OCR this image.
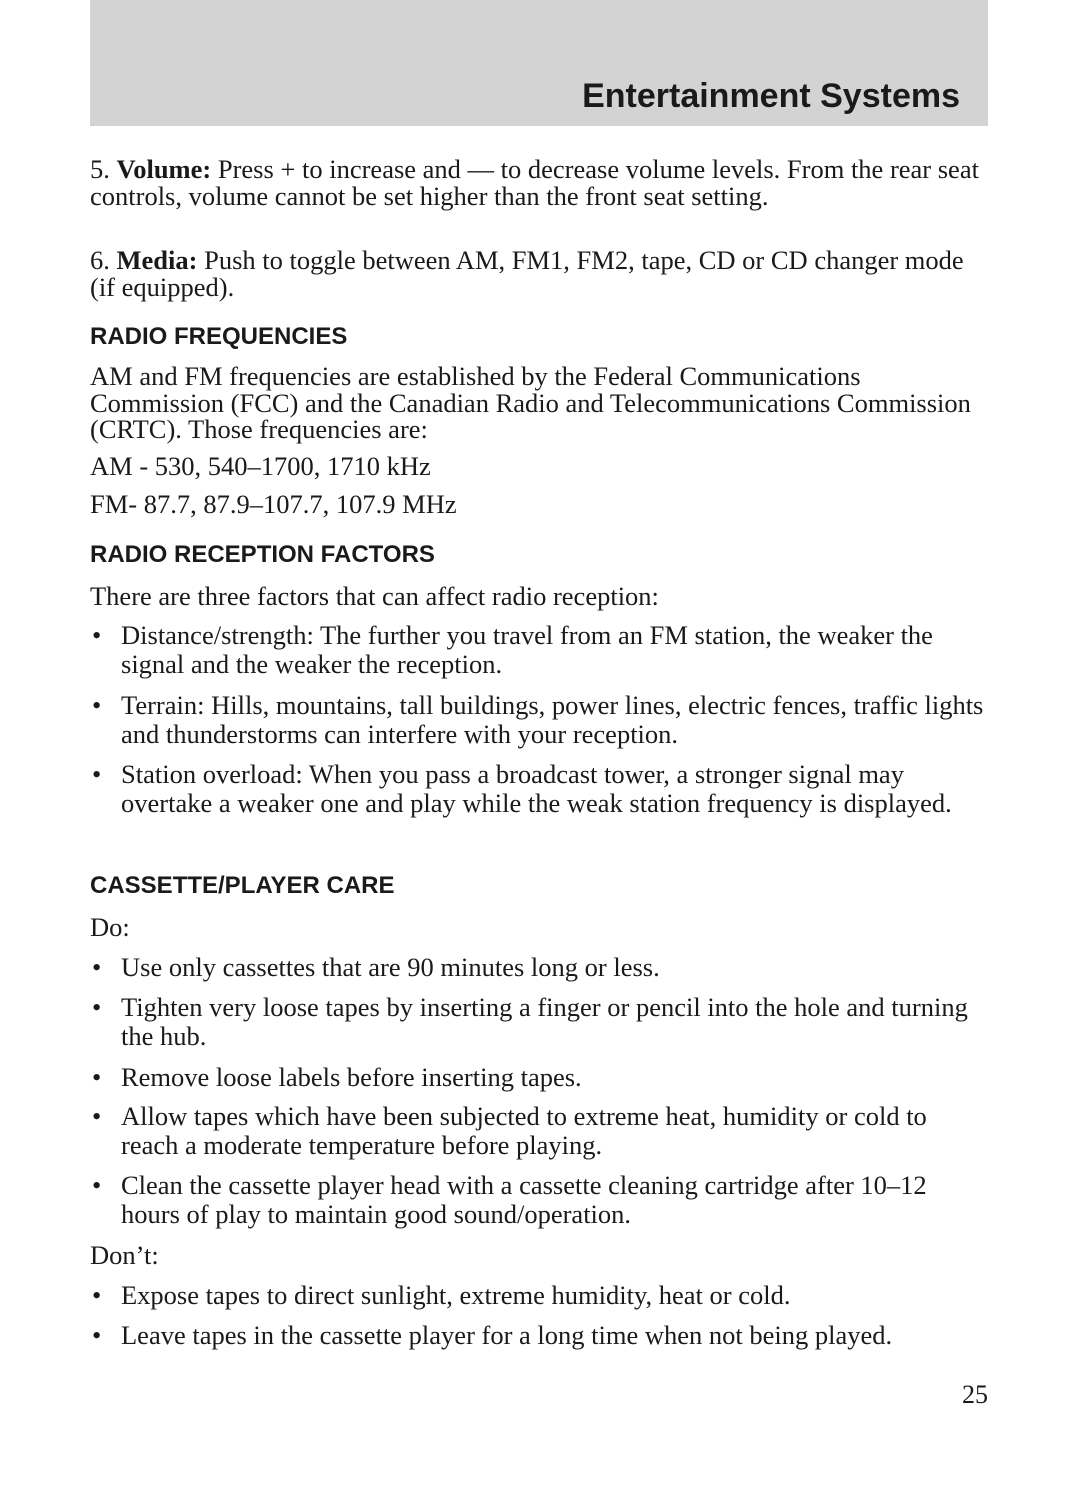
Entertainment Systems

5. Volume: Press + to increase and — to decrease volume levels. From the rear seat controls, volume cannot be set higher than the front seat setting.

6. Media: Push to toggle between AM, FM1, FM2, tape, CD or CD changer mode (if equipped).

RADIO FREQUENCIES

AM and FM frequencies are established by the Federal Communications Commission (FCC) and the Canadian Radio and Telecommunications Commission (CRTC). Those frequencies are:

AM - 530, 540–1700, 1710 kHz

FM- 87.7, 87.9–107.7, 107.9 MHz

RADIO RECEPTION FACTORS

There are three factors that can affect radio reception:

• Distance/strength: The further you travel from an FM station, the weaker the signal and the weaker the reception.
• Terrain: Hills, mountains, tall buildings, power lines, electric fences, traffic lights and thunderstorms can interfere with your reception.
• Station overload: When you pass a broadcast tower, a stronger signal may overtake a weaker one and play while the weak station frequency is displayed.
CASSETTE/PLAYER CARE

Do:

• Use only cassettes that are 90 minutes long or less.
• Tighten very loose tapes by inserting a finger or pencil into the hole and turning the hub.
• Remove loose labels before inserting tapes.
• Allow tapes which have been subjected to extreme heat, humidity or cold to reach a moderate temperature before playing.
• Clean the cassette player head with a cassette cleaning cartridge after 10–12 hours of play to maintain good sound/operation.

Don’t:

• Expose tapes to direct sunlight, extreme humidity, heat or cold.
• Leave tapes in the cassette player for a long time when not being played.
25
